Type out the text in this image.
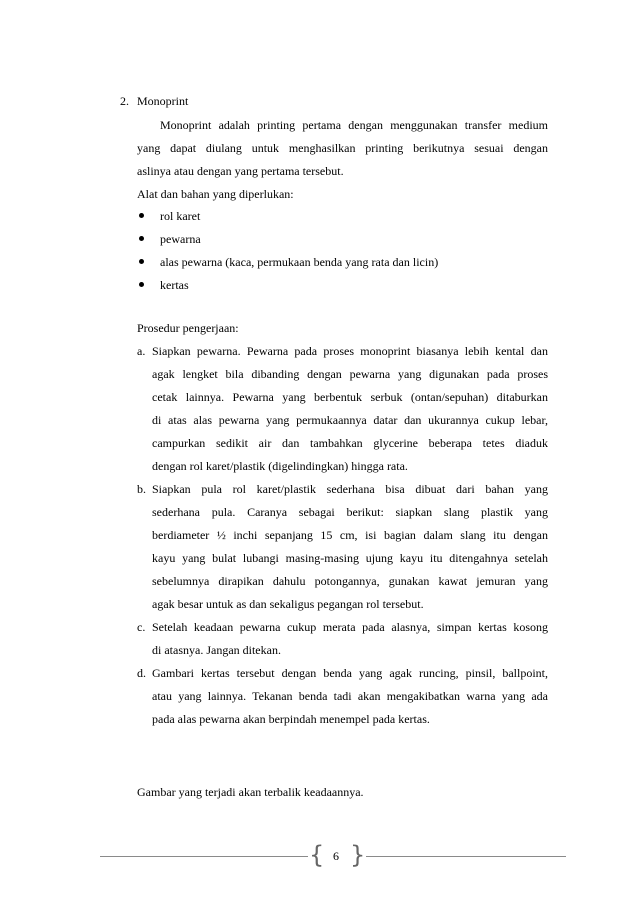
2. Monoprint
Monoprint adalah printing pertama dengan menggunakan transfer medium
yang dapat diulang untuk menghasilkan printing berikutnya sesuai dengan
aslinya atau dengan yang pertama tersebut.
Alat dan bahan yang diperlukan:
rol karet
pewarna
alas pewarna (kaca, permukaan benda yang rata dan licin)
kertas
Prosedur pengerjaan:
a. Siapkan pewarna. Pewarna pada proses monoprint biasanya lebih kental dan
agak lengket bila dibanding dengan pewarna yang digunakan pada proses
cetak lainnya. Pewarna yang berbentuk serbuk (ontan/sepuhan) ditaburkan
di atas alas pewarna yang permukaannya datar dan ukurannya cukup lebar,
campurkan sedikit air dan tambahkan glycerine beberapa tetes diaduk
dengan rol karet/plastik (digelindingkan) hingga rata.
b. Siapkan pula rol karet/plastik sederhana bisa dibuat dari bahan yang
sederhana pula. Caranya sebagai berikut: siapkan slang plastik yang
berdiameter ½ inchi sepanjang 15 cm, isi bagian dalam slang itu dengan
kayu yang bulat lubangi masing-masing ujung kayu itu ditengahnya setelah
sebelumnya dirapikan dahulu potongannya, gunakan kawat jemuran yang
agak besar untuk as dan sekaligus pegangan rol tersebut.
c. Setelah keadaan pewarna cukup merata pada alasnya, simpan kertas kosong
di atasnya. Jangan ditekan.
d. Gambari kertas tersebut dengan benda yang agak runcing, pinsil, ballpoint,
atau yang lainnya. Tekanan benda tadi akan mengakibatkan warna yang ada
pada alas pewarna akan berpindah menempel pada kertas.
Gambar yang terjadi akan terbalik keadaannya.
{ 6 }
